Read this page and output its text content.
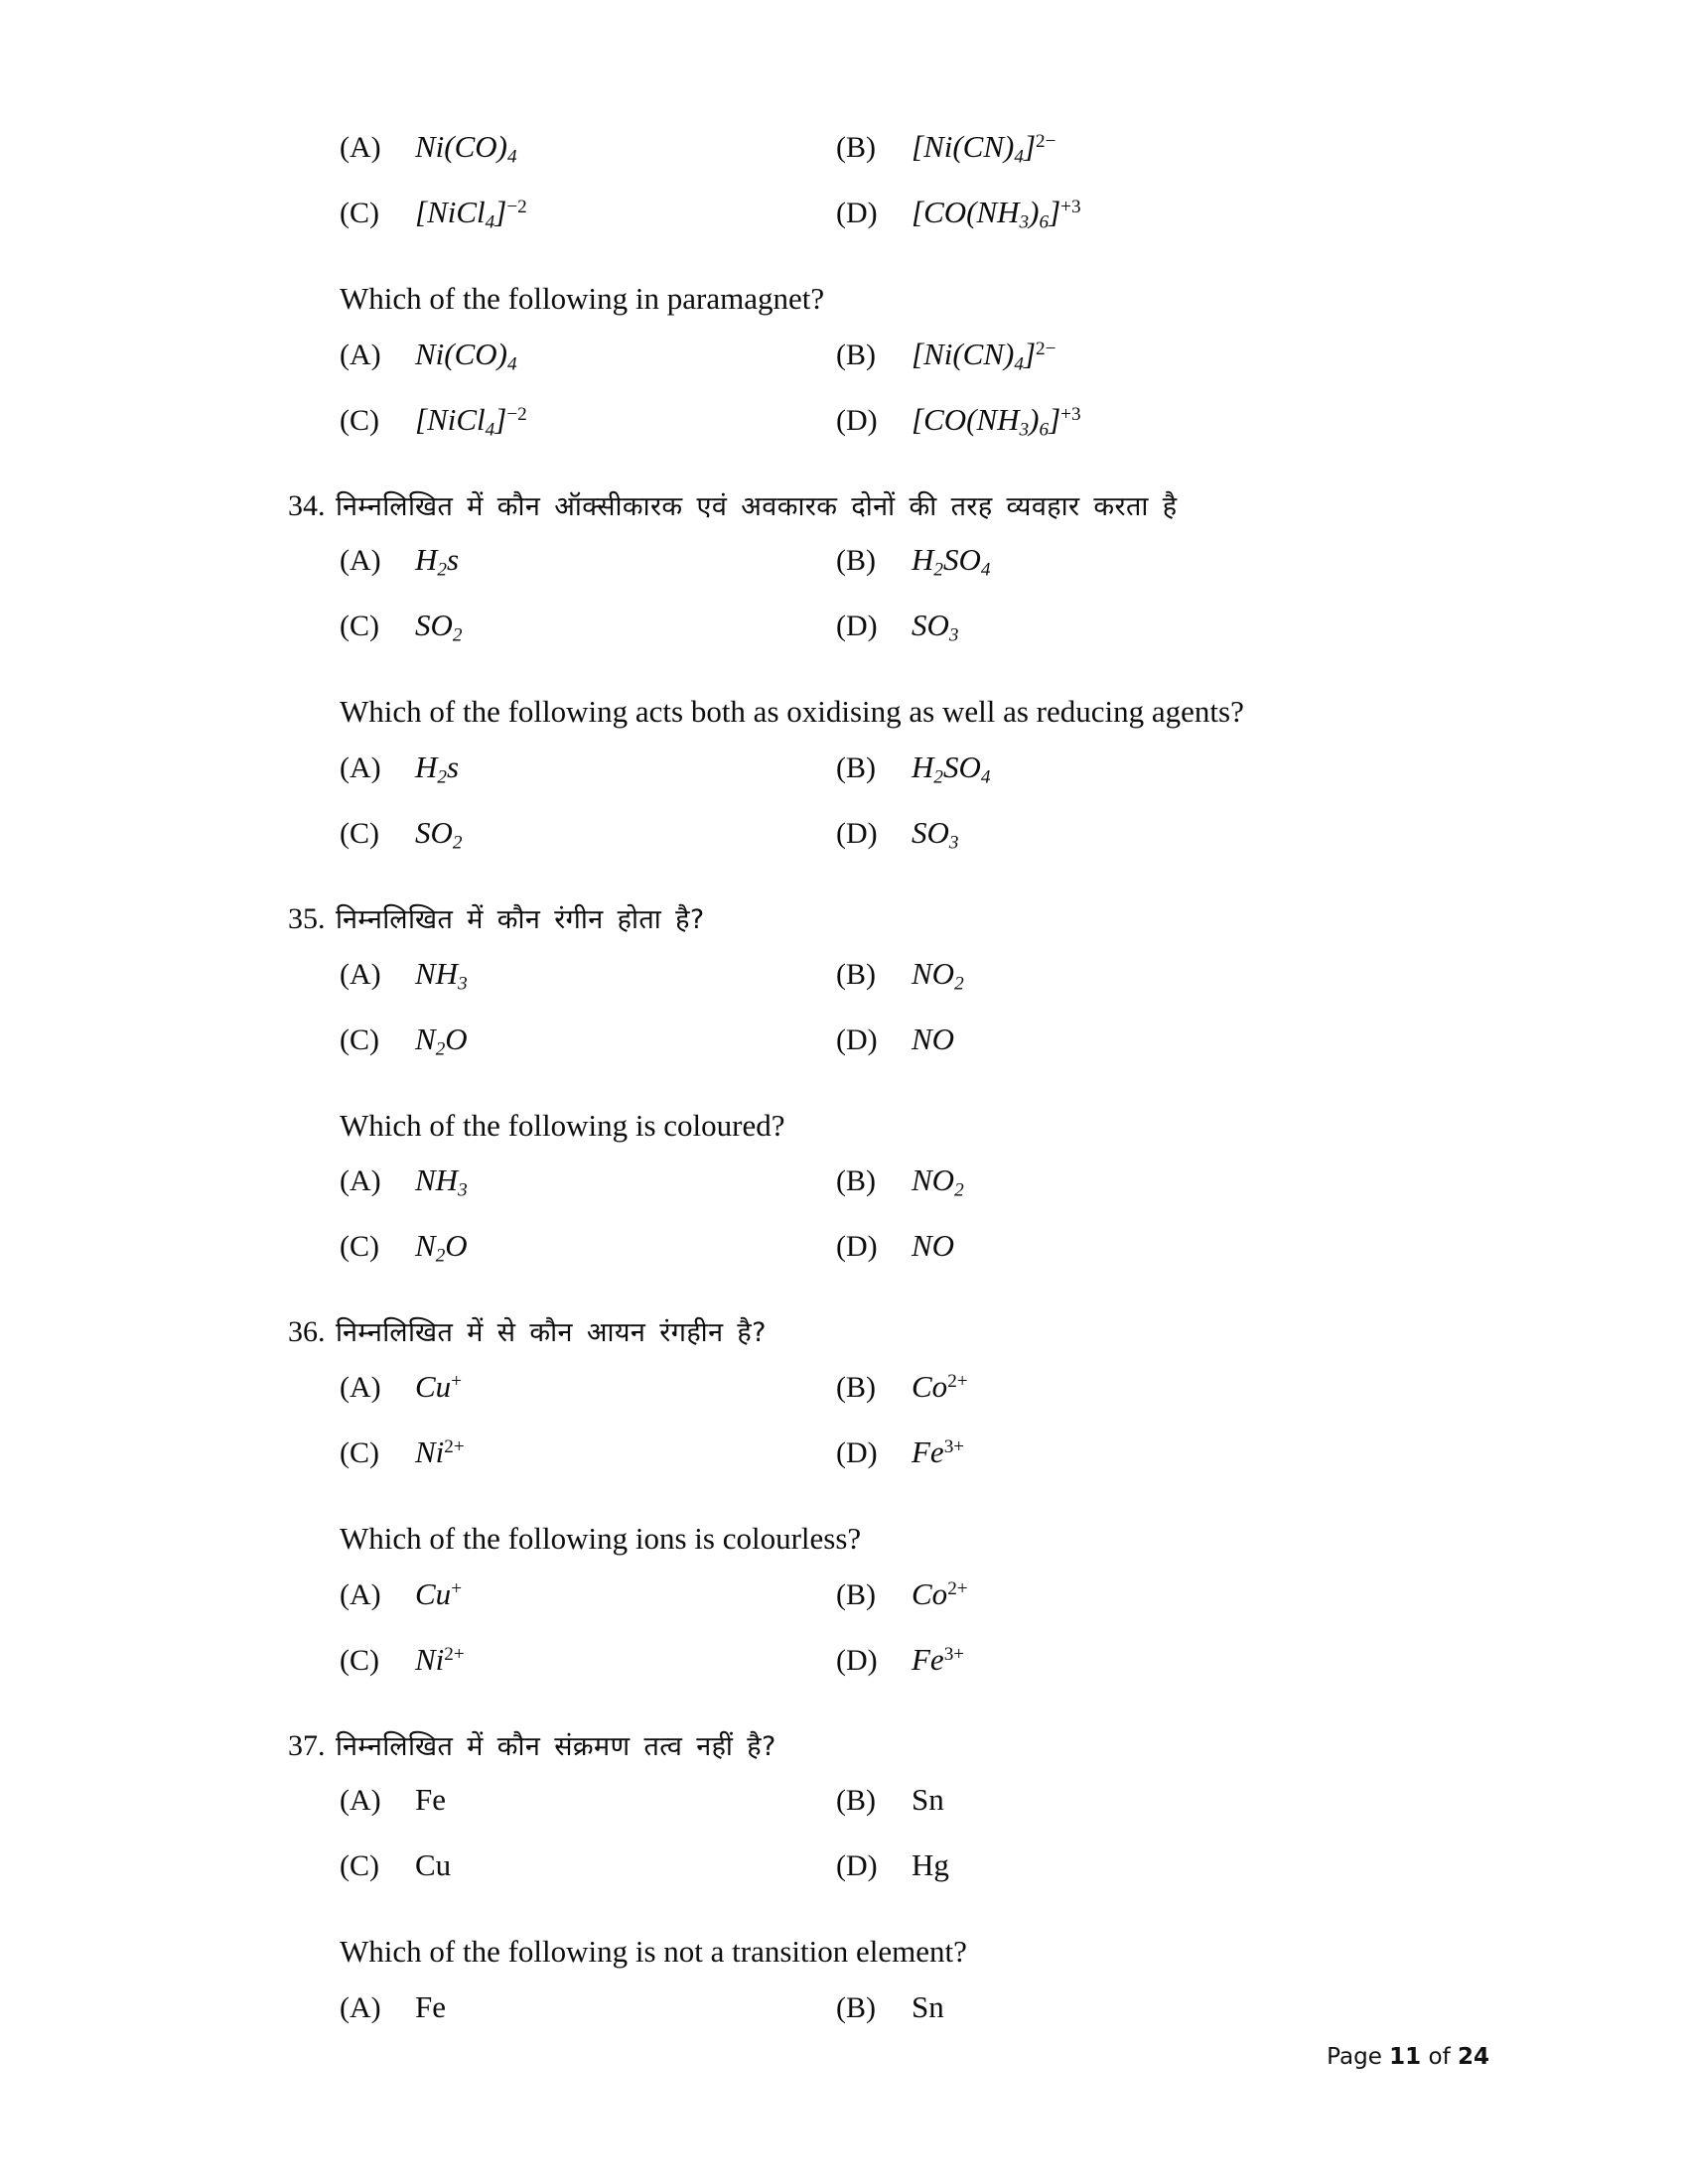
(A)	$Ni(CO)_4$	(B)	$[Ni(CN)_4]^{2-}$
(C)	[NiCl$_4$]$^{-2}$	(D)	$[CO(NH_3)_6]^{+3}$
Which of the following in paramagnet?
(A)	$Ni(CO)_4$	(B)	$[Ni(CN)_4]^{2-}$
(C)	[NiCl$_4$]$^{-2}$	(D)	$[CO(NH_3)_6]^{+3}$
34. निम्नलिखित में कौन ऑक्सीकारक एवं अवकारक दोनों की तरह व्यवहार करता है
(A)	$H_2s$	(B)	$H_2SO_4$
(C)	$SO_2$	(D)	$SO_3$
Which of the following acts both as oxidising as well as reducing agents?
(A)	$H_2s$	(B)	$H_2SO_4$
(C)	$SO_2$	(D)	$SO_3$
35. निम्नलिखित में कौन रंगीन होता है?
(A)	$NH_3$	(B)	$NO_2$
(C)	$N_2O$	(D)	NO
Which of the following is coloured?
(A)	$NH_3$	(B)	$NO_2$
(C)	$N_2O$	(D)	NO
36. निम्नलिखित में से कौन आयन रंगहीन है?
(A)	Cu+	(B)	$Co^{2+}$
(C)	$Ni^{2+}$	(D)	$Fe^{3+}$
Which of the following ions is colourless?
(A)	Cu+	(B)	$Co^{2+}$
(C)	$Ni^{2+}$	(D)	$Fe^{3+}$
37. निम्नलिखित में कौन संक्रमण तत्व नहीं है?
(A)	Fe	(B)	Sn
(C)	Cu	(D)	Hg
Which of the following is not a transition element?
(A)	Fe	(B)	Sn
Page 11 of 24
